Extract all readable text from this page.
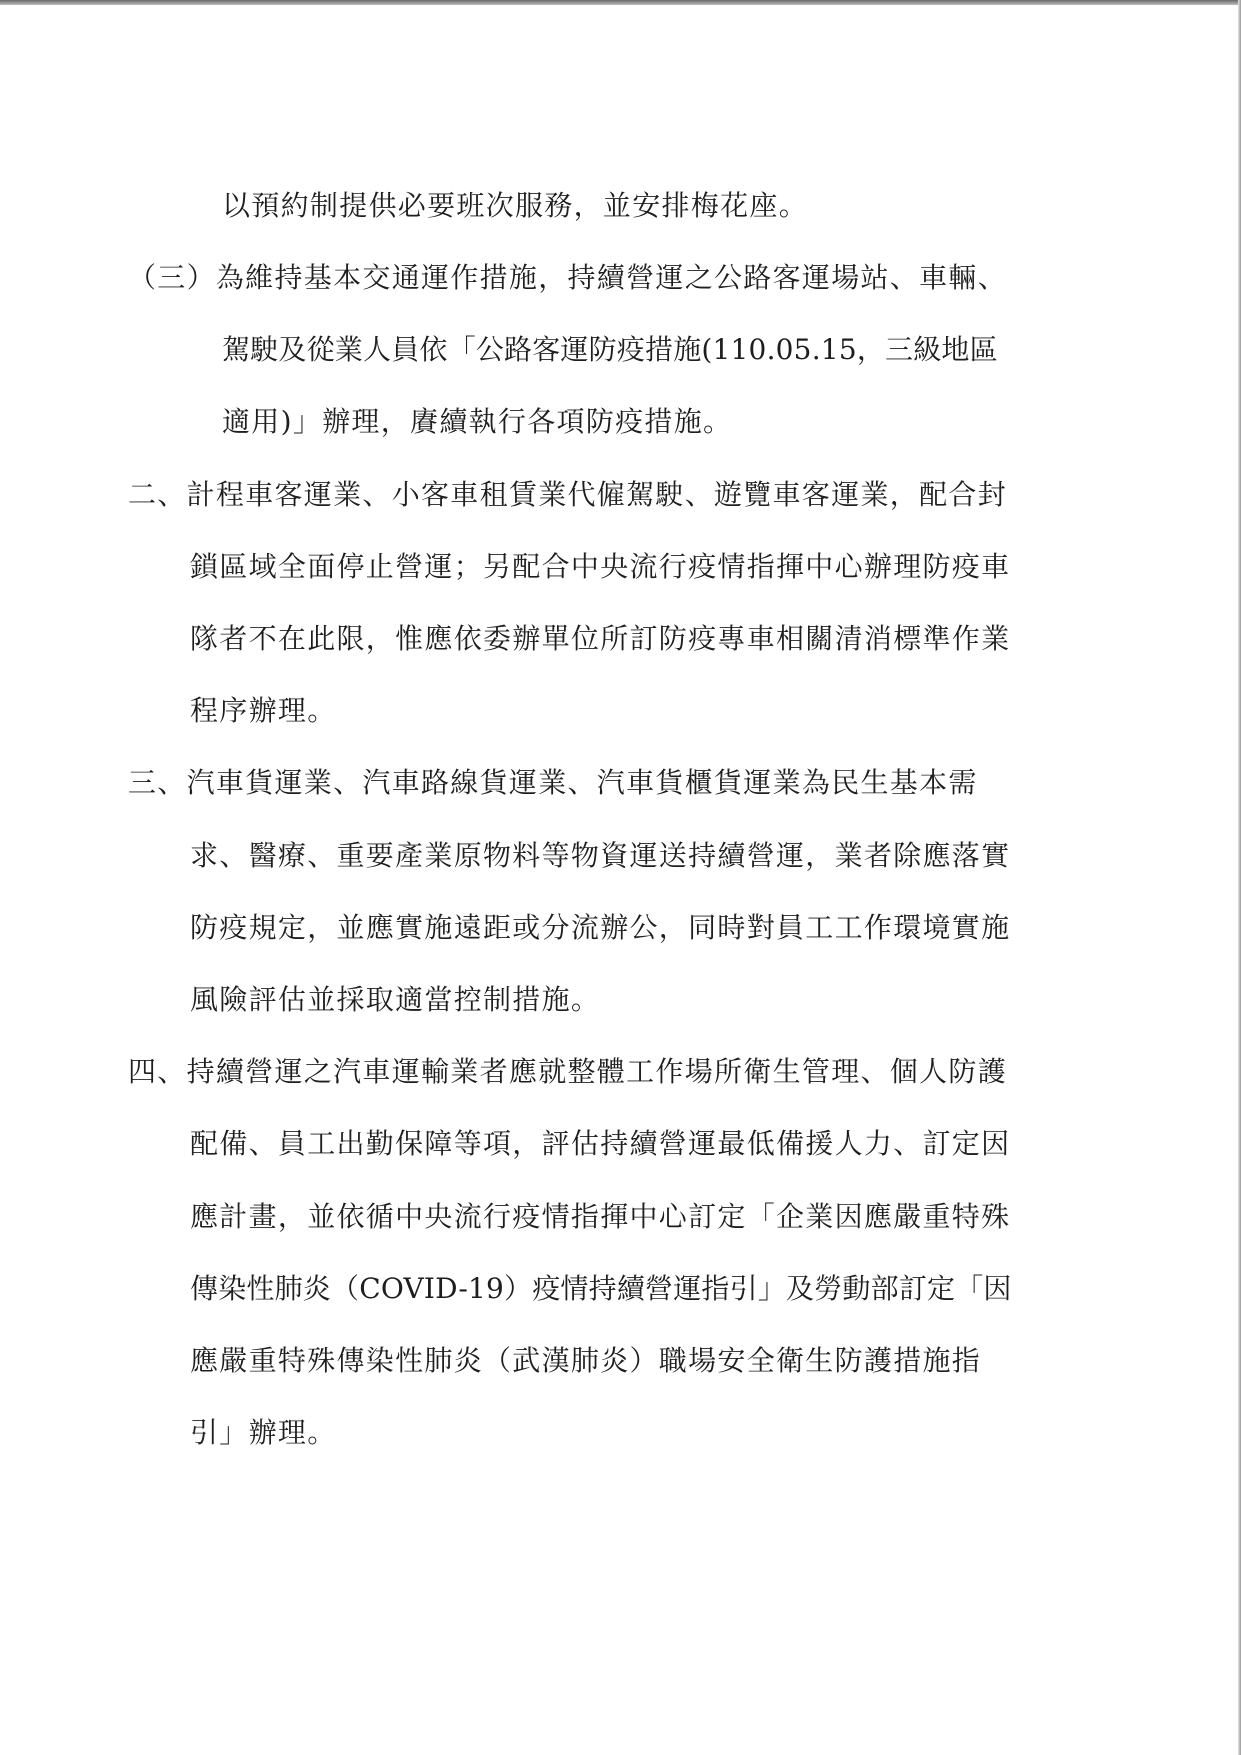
以預約制提供必要班次服務，並安排梅花座。
（三）為維持基本交通運作措施，持續營運之公路客運場站、車輛、
駕駛及從業人員依「公路客運防疫措施(110.05.15，三級地區
適用)」辦理，賡續執行各項防疫措施。
二、計程車客運業、小客車租賃業代僱駕駛、遊覽車客運業，配合封
鎖區域全面停止營運；另配合中央流行疫情指揮中心辦理防疫車
隊者不在此限，惟應依委辦單位所訂防疫專車相關清消標準作業
程序辦理。
三、汽車貨運業、汽車路線貨運業、汽車貨櫃貨運業為民生基本需
求、醫療、重要產業原物料等物資運送持續營運，業者除應落實
防疫規定，並應實施遠距或分流辦公，同時對員工工作環境實施
風險評估並採取適當控制措施。
四、持續營運之汽車運輸業者應就整體工作場所衛生管理、個人防護
配備、員工出勤保障等項，評估持續營運最低備援人力、訂定因
應計畫，並依循中央流行疫情指揮中心訂定「企業因應嚴重特殊
傳染性肺炎（COVID-19）疫情持續營運指引」及勞動部訂定「因
應嚴重特殊傳染性肺炎（武漢肺炎）職場安全衛生防護措施指
引」辦理。
